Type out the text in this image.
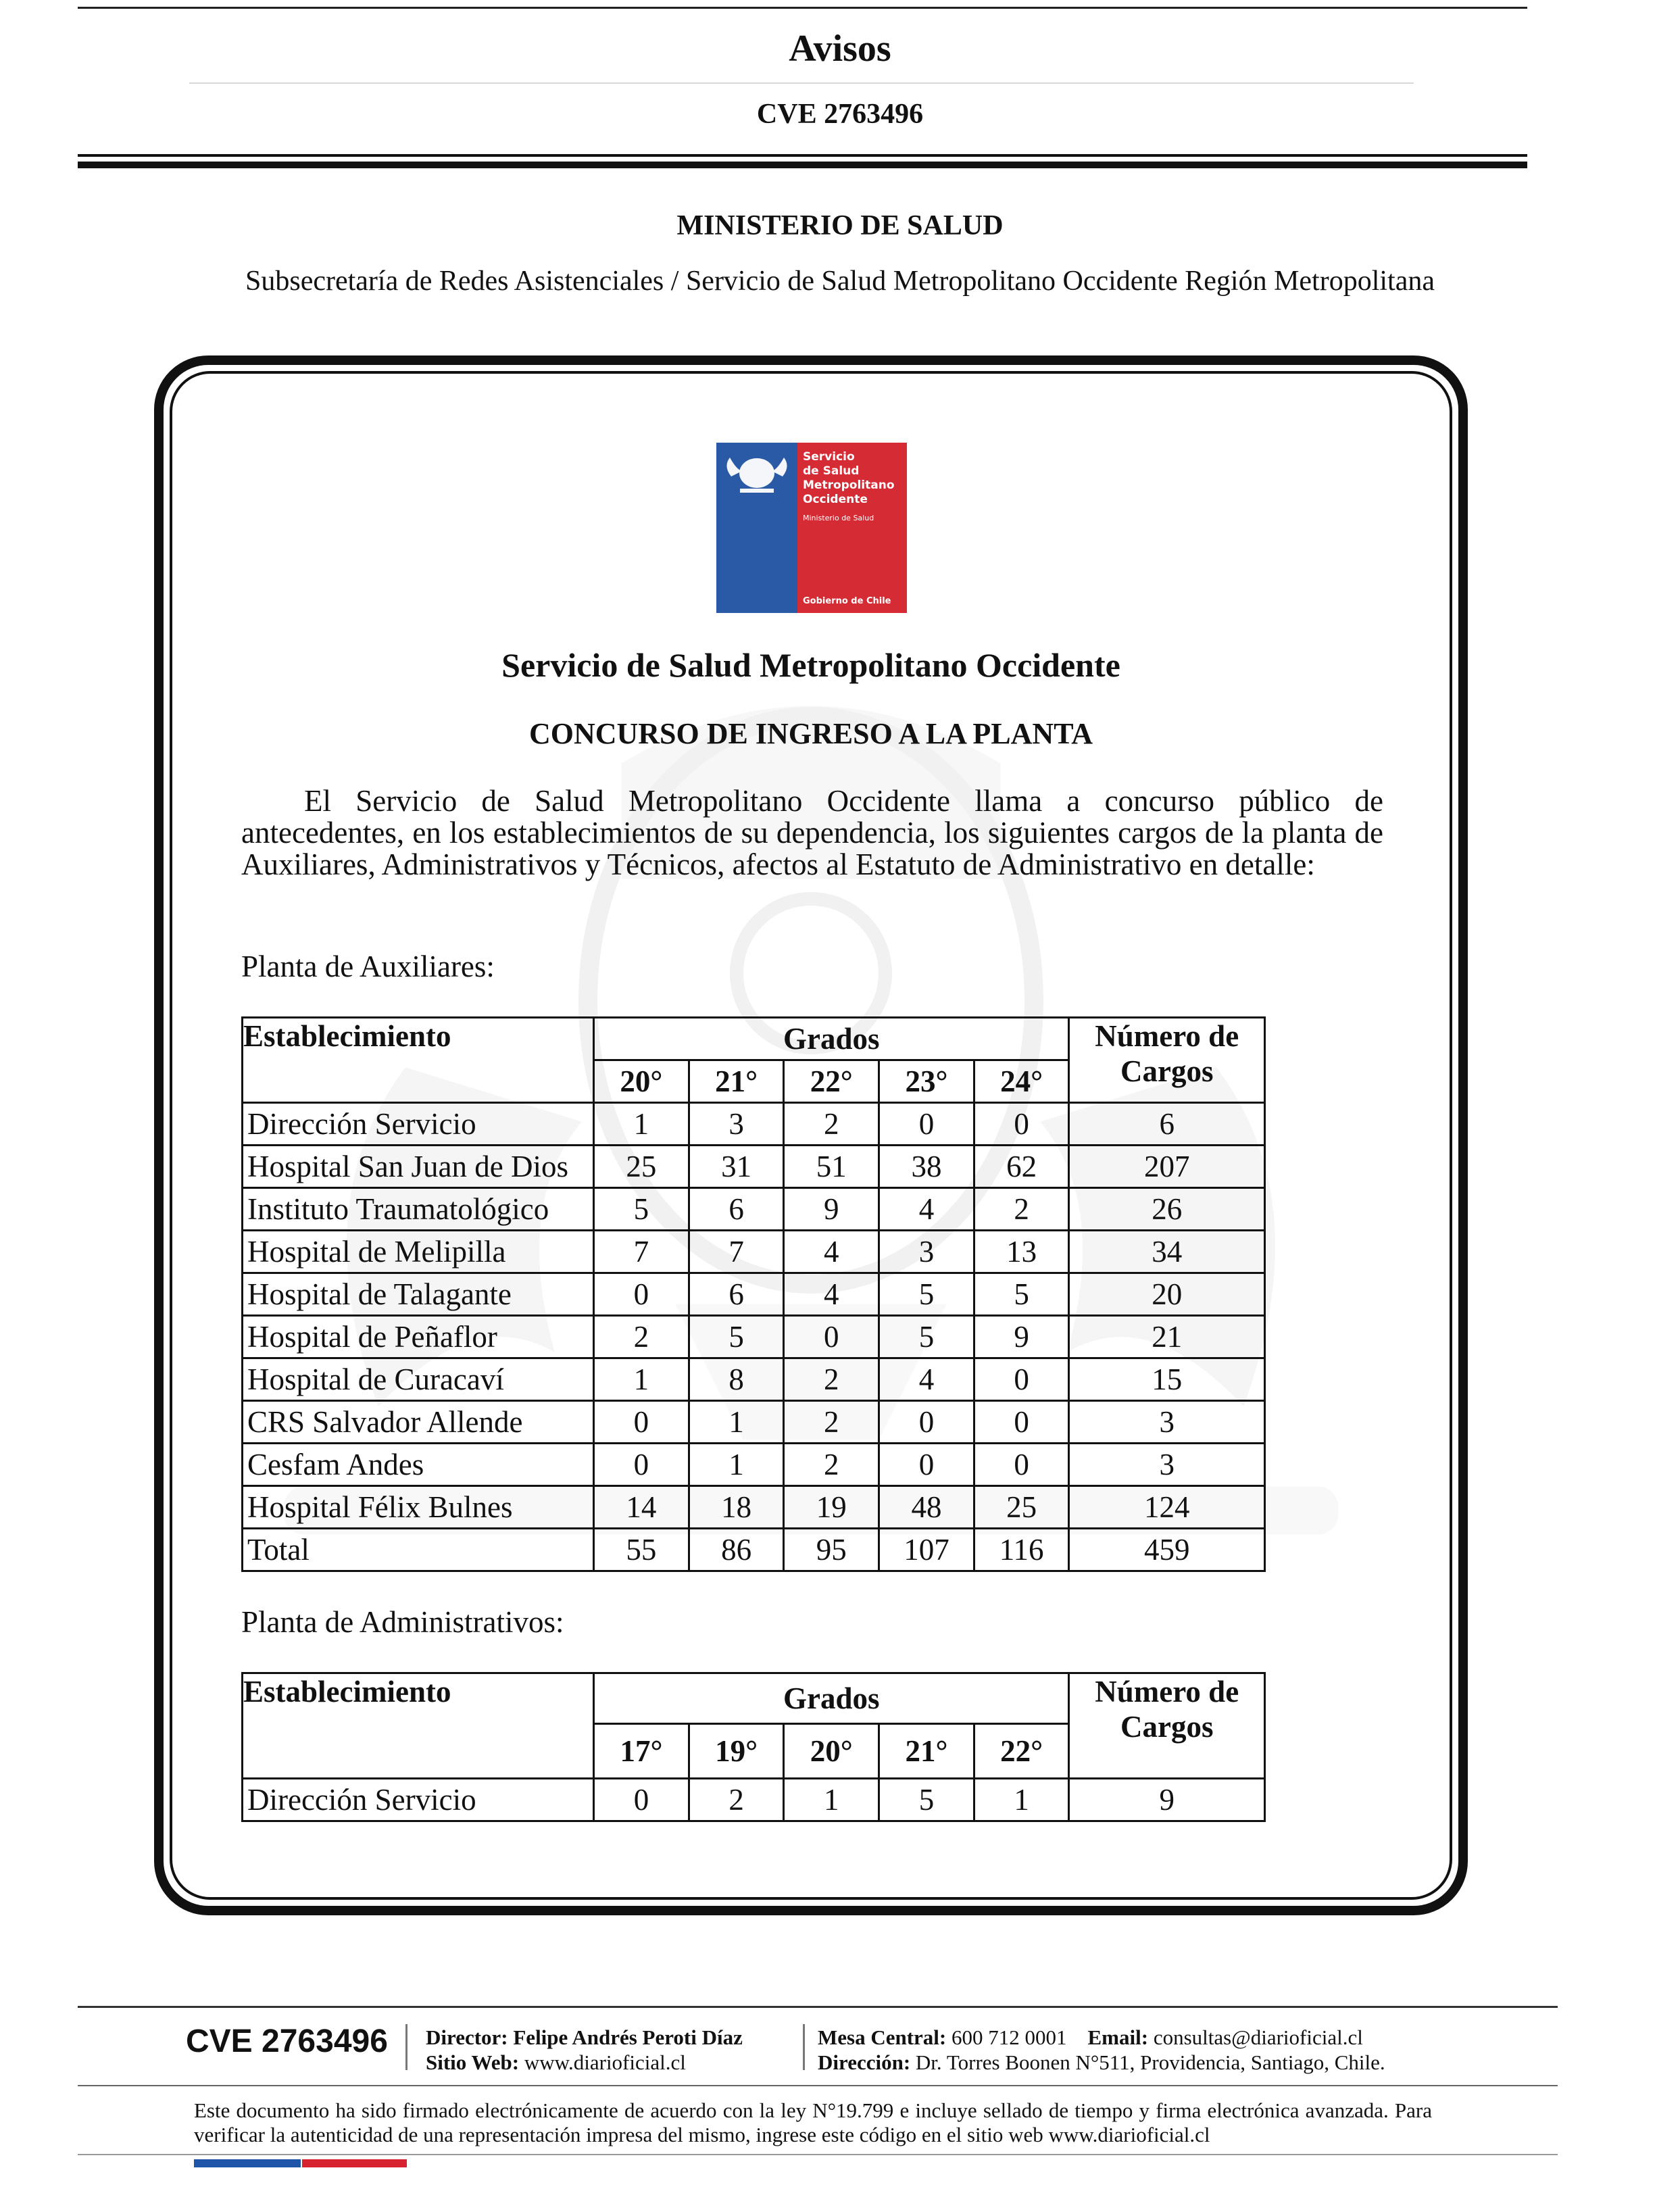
Avisos
CVE 2763496
MINISTERIO DE SALUD
Subsecretaría de Redes Asistenciales / Servicio de Salud Metropolitano Occidente Región Metropolitana
Servicio
de Salud
Metropolitano
Occidente
Ministerio de Salud
Gobierno de Chile
Servicio de Salud Metropolitano Occidente
CONCURSO DE INGRESO A LA PLANTA
El Servicio de Salud Metropolitano Occidente llama a concurso público de antecedentes, en los establecimientos de su dependencia, los siguientes cargos de la planta de Auxiliares, Administrativos y Técnicos, afectos al Estatuto de Administrativo en detalle:
Planta de Auxiliares:
Establecimiento	Grados					Número de
Cargos
	20°	21°	22°	23°	24°	
Dirección Servicio	1	3	2	0	0	6
Hospital San Juan de Dios	25	31	51	38	62	207
Instituto Traumatológico	5	6	9	4	2	26
Hospital de Melipilla	7	7	4	3	13	34
Hospital de Talagante	0	6	4	5	5	20
Hospital de Peñaflor	2	5	0	5	9	21
Hospital de Curacaví	1	8	2	4	0	15
CRS Salvador Allende	0	1	2	0	0	3
Cesfam Andes	0	1	2	0	0	3
Hospital Félix Bulnes	14	18	19	48	25	124
Total	55	86	95	107	116	459
Planta de Administrativos:
Establecimiento	Grados					Número de
Cargos
	17°	19°	20°	21°	22°	
Dirección Servicio	0	2	1	5	1	9
CVE 2763496 Director: Felipe Andrés Peroti Díaz
Sitio Web: www.diarioficial.cl
Mesa Central: 600 712 0001 Email: consultas@diarioficial.cl
Dirección: Dr. Torres Boonen N°511, Providencia, Santiago, Chile.
Este documento ha sido firmado electrónicamente de acuerdo con la ley N°19.799 e incluye sellado de tiempo y firma electrónica avanzada. Para verificar la autenticidad de una representación impresa del mismo, ingrese este código en el sitio web www.diarioficial.cl
